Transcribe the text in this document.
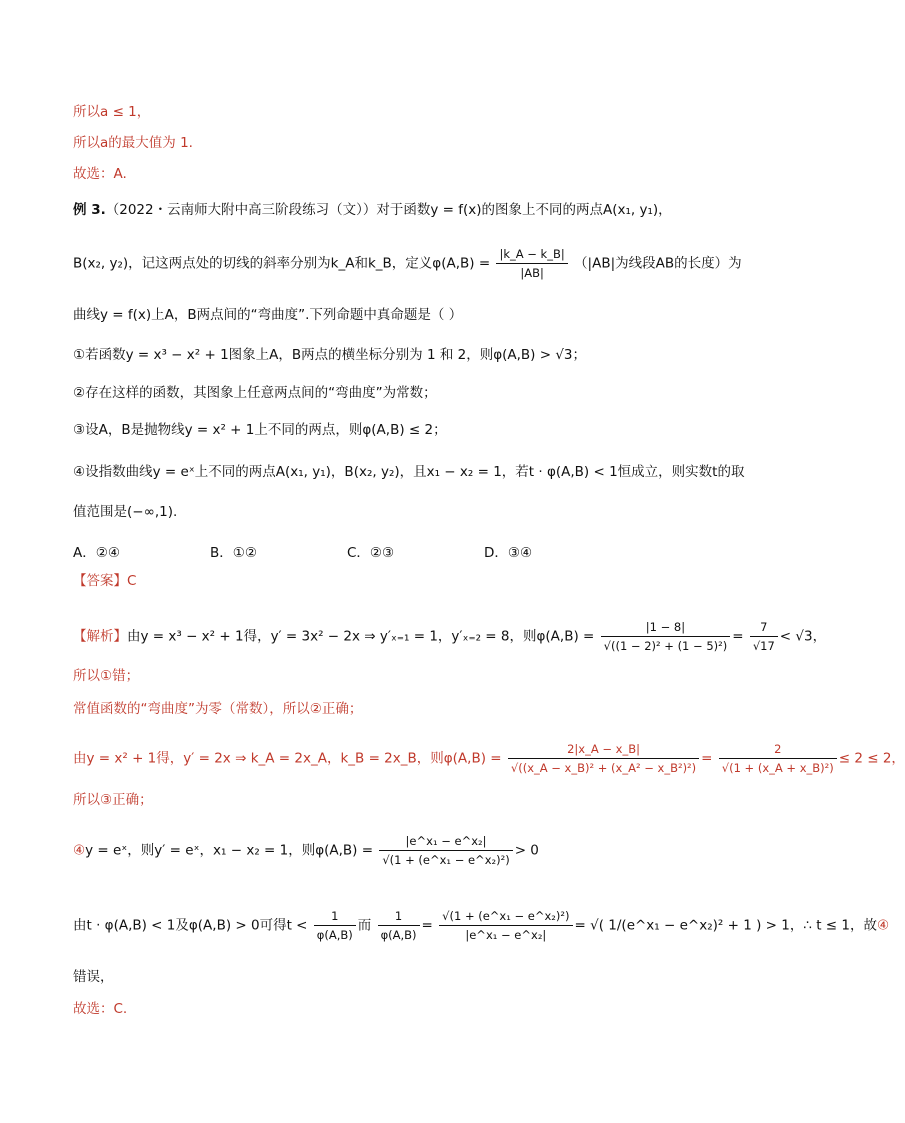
所以a ≤ 1，
所以a的最大值为 1.
故选：A.
例 3.（2022・云南师大附中高三阶段练习（文））对于函数y = f(x)的图象上不同的两点A(x₁, y₁)，
B(x₂, y₂)，记这两点处的切线的斜率分别为k_A和k_B，定义$\varphi(A,B) = \frac{|k\_A - k\_B|}{|AB|} (|AB|$为线段AB的长度）为
曲线y = f(x)上A，B两点间的“弯曲度”.下列命题中真命题是（ ）
①若函数y = x³ − x² + 1图象上A，B两点的横坐标分别为 1 和 2，则φ(A,B) > √3；
②存在这样的函数，其图象上任意两点间的“弯曲度”为常数；
③设A，B是抛物线y = x² + 1上不同的两点，则φ(A,B) ≤ 2；
④设指数曲线y = eˣ上不同的两点A(x₁, y₁)，B(x₂, y₂)，且x₁ − x₂ = 1，若t · φ(A,B) < 1恒成立，则实数t的取
值范围是(−∞,1).
A．②④	B．①②	C．②③	D．③④
【答案】C
【解析】由y = x³ − x² + 1得，y′ = 3x² − 2x ⇒ y′ₓ₌₁ = 1，y′ₓ₌₂ = 8，则$\varphi(A,B) = \frac{|1 - 8|}{\text{√((1 − 2)² + (1 − 5)²)}} = \frac{7}{√17} < √3$，
所以①错；
常值函数的“弯曲度”为零（常数），所以②正确；
由y = x² + 1得，y′ = 2x ⇒ k_A = 2x_A，k_B = 2x_B，则$\varphi(A,B) = \frac{2|x\_A - x\_B|}{\text{√((x\_A − x\_B)² + (x\_A² − x\_B²)²)}} = \frac{2}{\text{√(1 + (x\_A + x\_B)²)}} \le 2 \le 2$，
所以③正确；
④y = eˣ，则y′ = eˣ，x₁ − x₂ = 1，则$\varphi(A,B) = \frac{\text{|e\textasciicircum{}x₁ − e\textasciicircum{}x₂|}}{\text{√(1 + (e\textasciicircum{}x₁ − e\textasciicircum{}x₂)²)}} > 0$
由t · φ(A,B) < 1及φ(A,B) > 0可得$t < \frac{1}{\varphi(A,B)}$ 而 $\frac{1}{\varphi(A,B)} = \frac{\text{√(1 + (e\textasciicircum{}x₁ − e\textasciicircum{}x₂)²)}}{\text{|e\textasciicircum{}x₁ − e\textasciicircum{}x₂|}}$ = √( 1/(e^x₁ − e^x₂)² + 1 ) > 1，∴ t ≤ 1，故④
错误，
故选：C.
